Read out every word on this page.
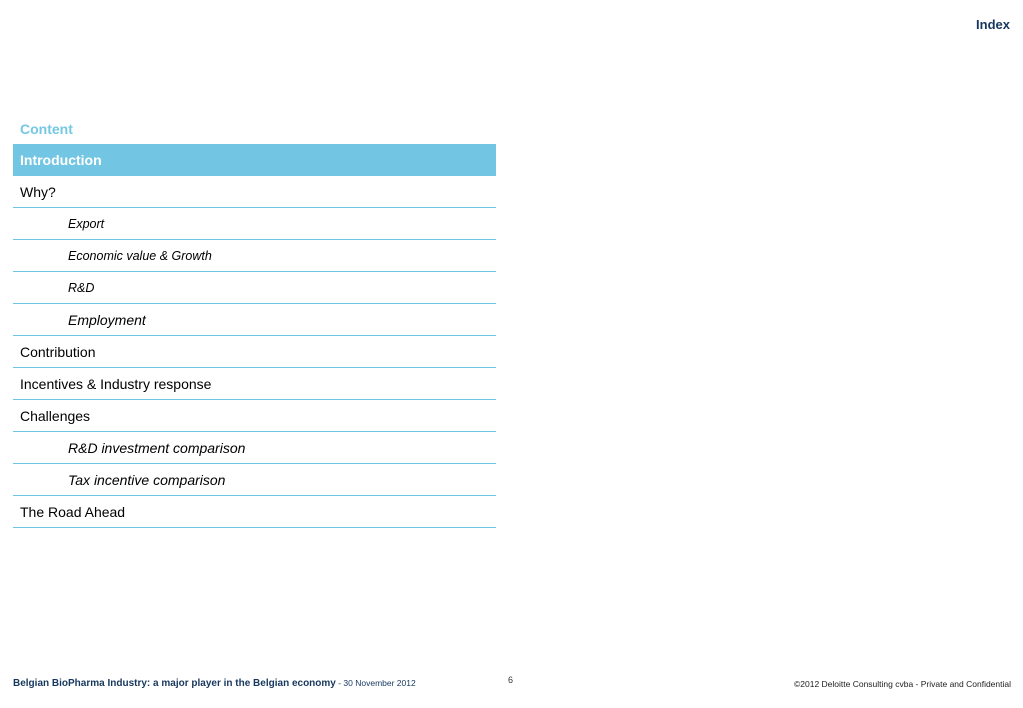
Index
Content
Introduction
Why?
Export
Economic value & Growth
R&D
Employment
Contribution
Incentives & Industry response
Challenges
R&D investment comparison
Tax incentive comparison
The Road Ahead
Belgian BioPharma Industry: a major player in the Belgian economy - 30 November 2012	6	©2012 Deloitte Consulting cvba - Private and Confidential
